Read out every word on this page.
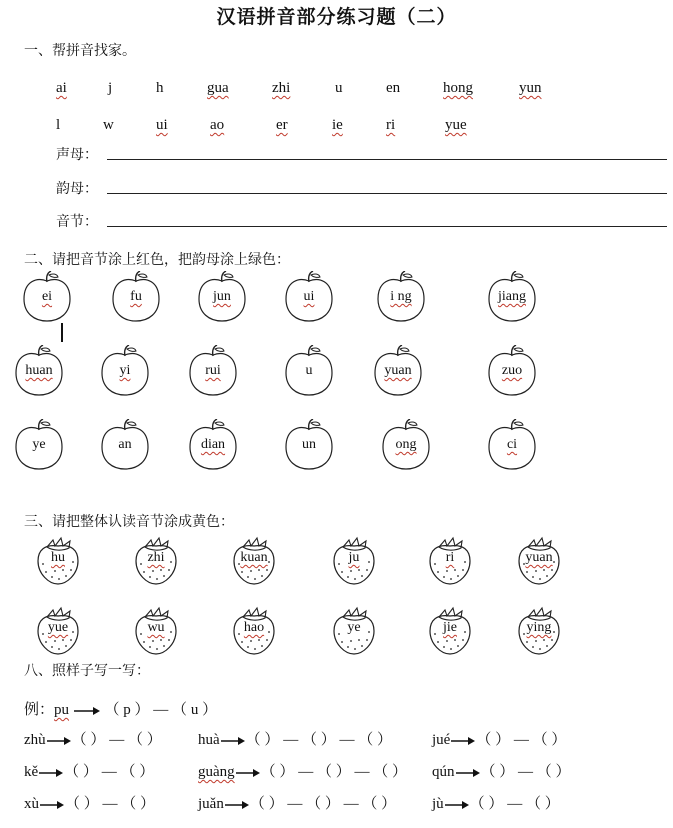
汉语拼音部分练习题（二）
一、帮拼音找家。
ai	j	h	gua	zhi	u	en	hong	yun
l	w	ui	ao	er	ie	ri	yue
声母：
韵母：
音节：
二、请把音节涂上红色，把韵母涂上绿色：
ei	fu	jun	ui	i ng	jiang
huan	yi	rui	u	yuan	zuo
ye	an	dian	un	ong	ci
三、请把整体认读音节涂成黄色：
hu	zhi	kuan	ju	ri	yuan
yue	wu	hao	ye	jie	ying
八、照样子写一写：
例：pu （ p ） — （ u ）
zhù （ ） — （ ） huà （ ） — （ ） — （ ）	jué （ ） — （ ）
kě （ ） — （ ）	guàng （ ） — （ ） — （ ） qún （ ） — （ ）
xù （ ） — （ ）	juǎn （ ） — （ ） — （ ） jù （ ） — （ ）
